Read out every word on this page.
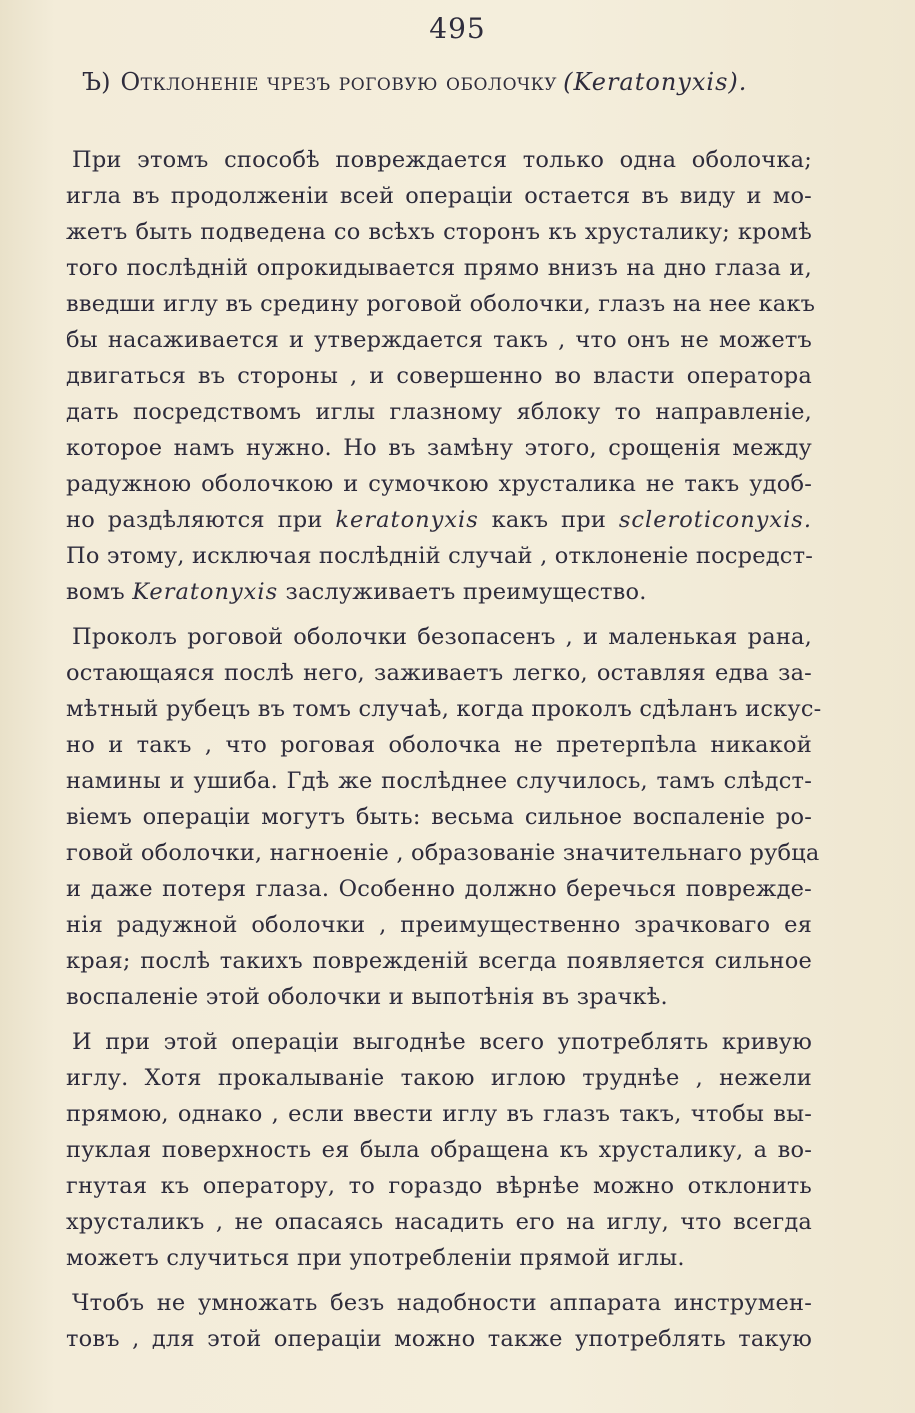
495
Ъ) Отклоненіе чрезъ роговую оболочку (Keratonyxis).
При этомъ способѣ повреждается только одна оболочка;
игла въ продолженіи всей операціи остается въ виду и мо-
жетъ быть подведена со всѣхъ сторонъ къ хрусталику; кромѣ
того послѣдній опрокидывается прямо внизъ на дно глаза и,
введши иглу въ средину роговой оболочки, глазъ на нее какъ
бы насаживается и утверждается такъ , что онъ не можетъ
двигаться въ стороны , и совершенно во власти оператора
дать посредствомъ иглы глазному яблоку то направленіе,
которое намъ нужно. Но въ замѣну этого, срощенія между
радужною оболочкою и сумочкою хрусталика не такъ удоб-
но раздѣляются при keratonyxis какъ при scleroticonyxis.
По этому, исключая послѣдній случай , отклоненіе посредст-
вомъ Keratonyxis заслуживаетъ преимущество.
Проколъ роговой оболочки безопасенъ , и маленькая рана,
остающаяся послѣ него, заживаетъ легко, оставляя едва за-
мѣтный рубецъ въ томъ случаѣ, когда проколъ сдѣланъ искус-
но и такъ , что роговая оболочка не претерпѣла никакой
намины и ушиба. Гдѣ же послѣднее случилось, тамъ слѣдст-
віемъ операціи могутъ быть: весьма сильное воспаленіе ро-
говой оболочки, нагноеніе , образованіе значительнаго рубца
и даже потеря глаза. Особенно должно беречься поврежде-
нія радужной оболочки , преимущественно зрачковаго ея
края; послѣ такихъ поврежденій всегда появляется сильное
воспаленіе этой оболочки и выпотѣнія въ зрачкѣ.
И при этой операціи выгоднѣе всего употреблять кривую
иглу. Хотя прокалываніе такою иглою труднѣе , нежели
прямою, однако , если ввести иглу въ глазъ такъ, чтобы вы-
пуклая поверхность ея была обращена къ хрусталику, а во-
гнутая къ оператору, то гораздо вѣрнѣе можно отклонить
хрусталикъ , не опасаясь насадить его на иглу, что всегда
можетъ случиться при употребленіи прямой иглы.
Чтобъ не умножать безъ надобности аппарата инструмен-
товъ , для этой операціи можно также употреблять такую
